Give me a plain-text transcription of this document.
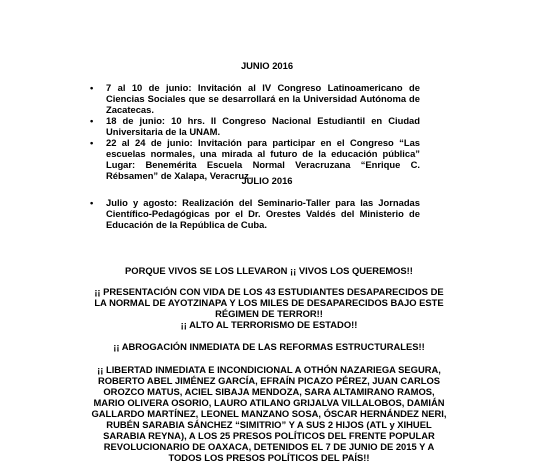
JUNIO 2016

• 7 al 10 de junio: Invitación al IV Congreso Latinoamericano de Ciencias Sociales que se desarrollará en la Universidad Autónoma de Zacatecas.
• 18 de junio: 10 hrs. II Congreso Nacional Estudiantil en Ciudad Universitaria de la UNAM.
• 22 al 24 de junio: Invitación para participar en el Congreso “Las escuelas normales, una mirada al futuro de la educación pública” Lugar: Benemérita Escuela Normal Veracruzana “Enrique C. Rébsamen” de Xalapa, Veracruz.

JULIO 2016

• Julio y agosto: Realización del Seminario-Taller para las Jornadas Científico-Pedagógicas por el Dr. Orestes Valdés del Ministerio de Educación de la República de Cuba.

PORQUE VIVOS SE LOS LLEVARON ¡¡ VIVOS LOS QUEREMOS!!

¡¡ PRESENTACIÓN CON VIDA DE LOS 43 ESTUDIANTES DESAPARECIDOS DE LA NORMAL DE AYOTZINAPA Y LOS MILES DE DESAPARECIDOS BAJO ESTE RÉGIMEN DE TERROR!!

¡¡ ALTO AL TERRORISMO DE ESTADO!!

¡¡ ABROGACIÓN INMEDIATA DE LAS REFORMAS ESTRUCTURALES!!

¡¡ LIBERTAD INMEDIATA E INCONDICIONAL A OTHÓN NAZARIEGA SEGURA, ROBERTO ABEL JIMÉNEZ GARCÍA, EFRAÍN PICAZO PÉREZ, JUAN CARLOS OROZCO MATUS, ACIEL SIBAJA MENDOZA, SARA ALTAMIRANO RAMOS, MARIO OLIVERA OSORIO, LAURO ATILANO GRIJALVA VILLALOBOS, DAMIÁN GALLARDO MARTÍNEZ, LEONEL MANZANO SOSA, ÓSCAR HERNÁNDEZ NERI, RUBÉN SARABIA SÁNCHEZ “SIMITRIO” Y A SUS 2 HIJOS (ATL y XIHUEL SARABIA REYNA), A LOS 25 PRESOS POLÍTICOS DEL FRENTE POPULAR REVOLUCIONARIO DE OAXACA, DETENIDOS EL 7 DE JUNIO DE 2015 Y A TODOS LOS PRESOS POLÍTICOS DEL PAÍS!!
